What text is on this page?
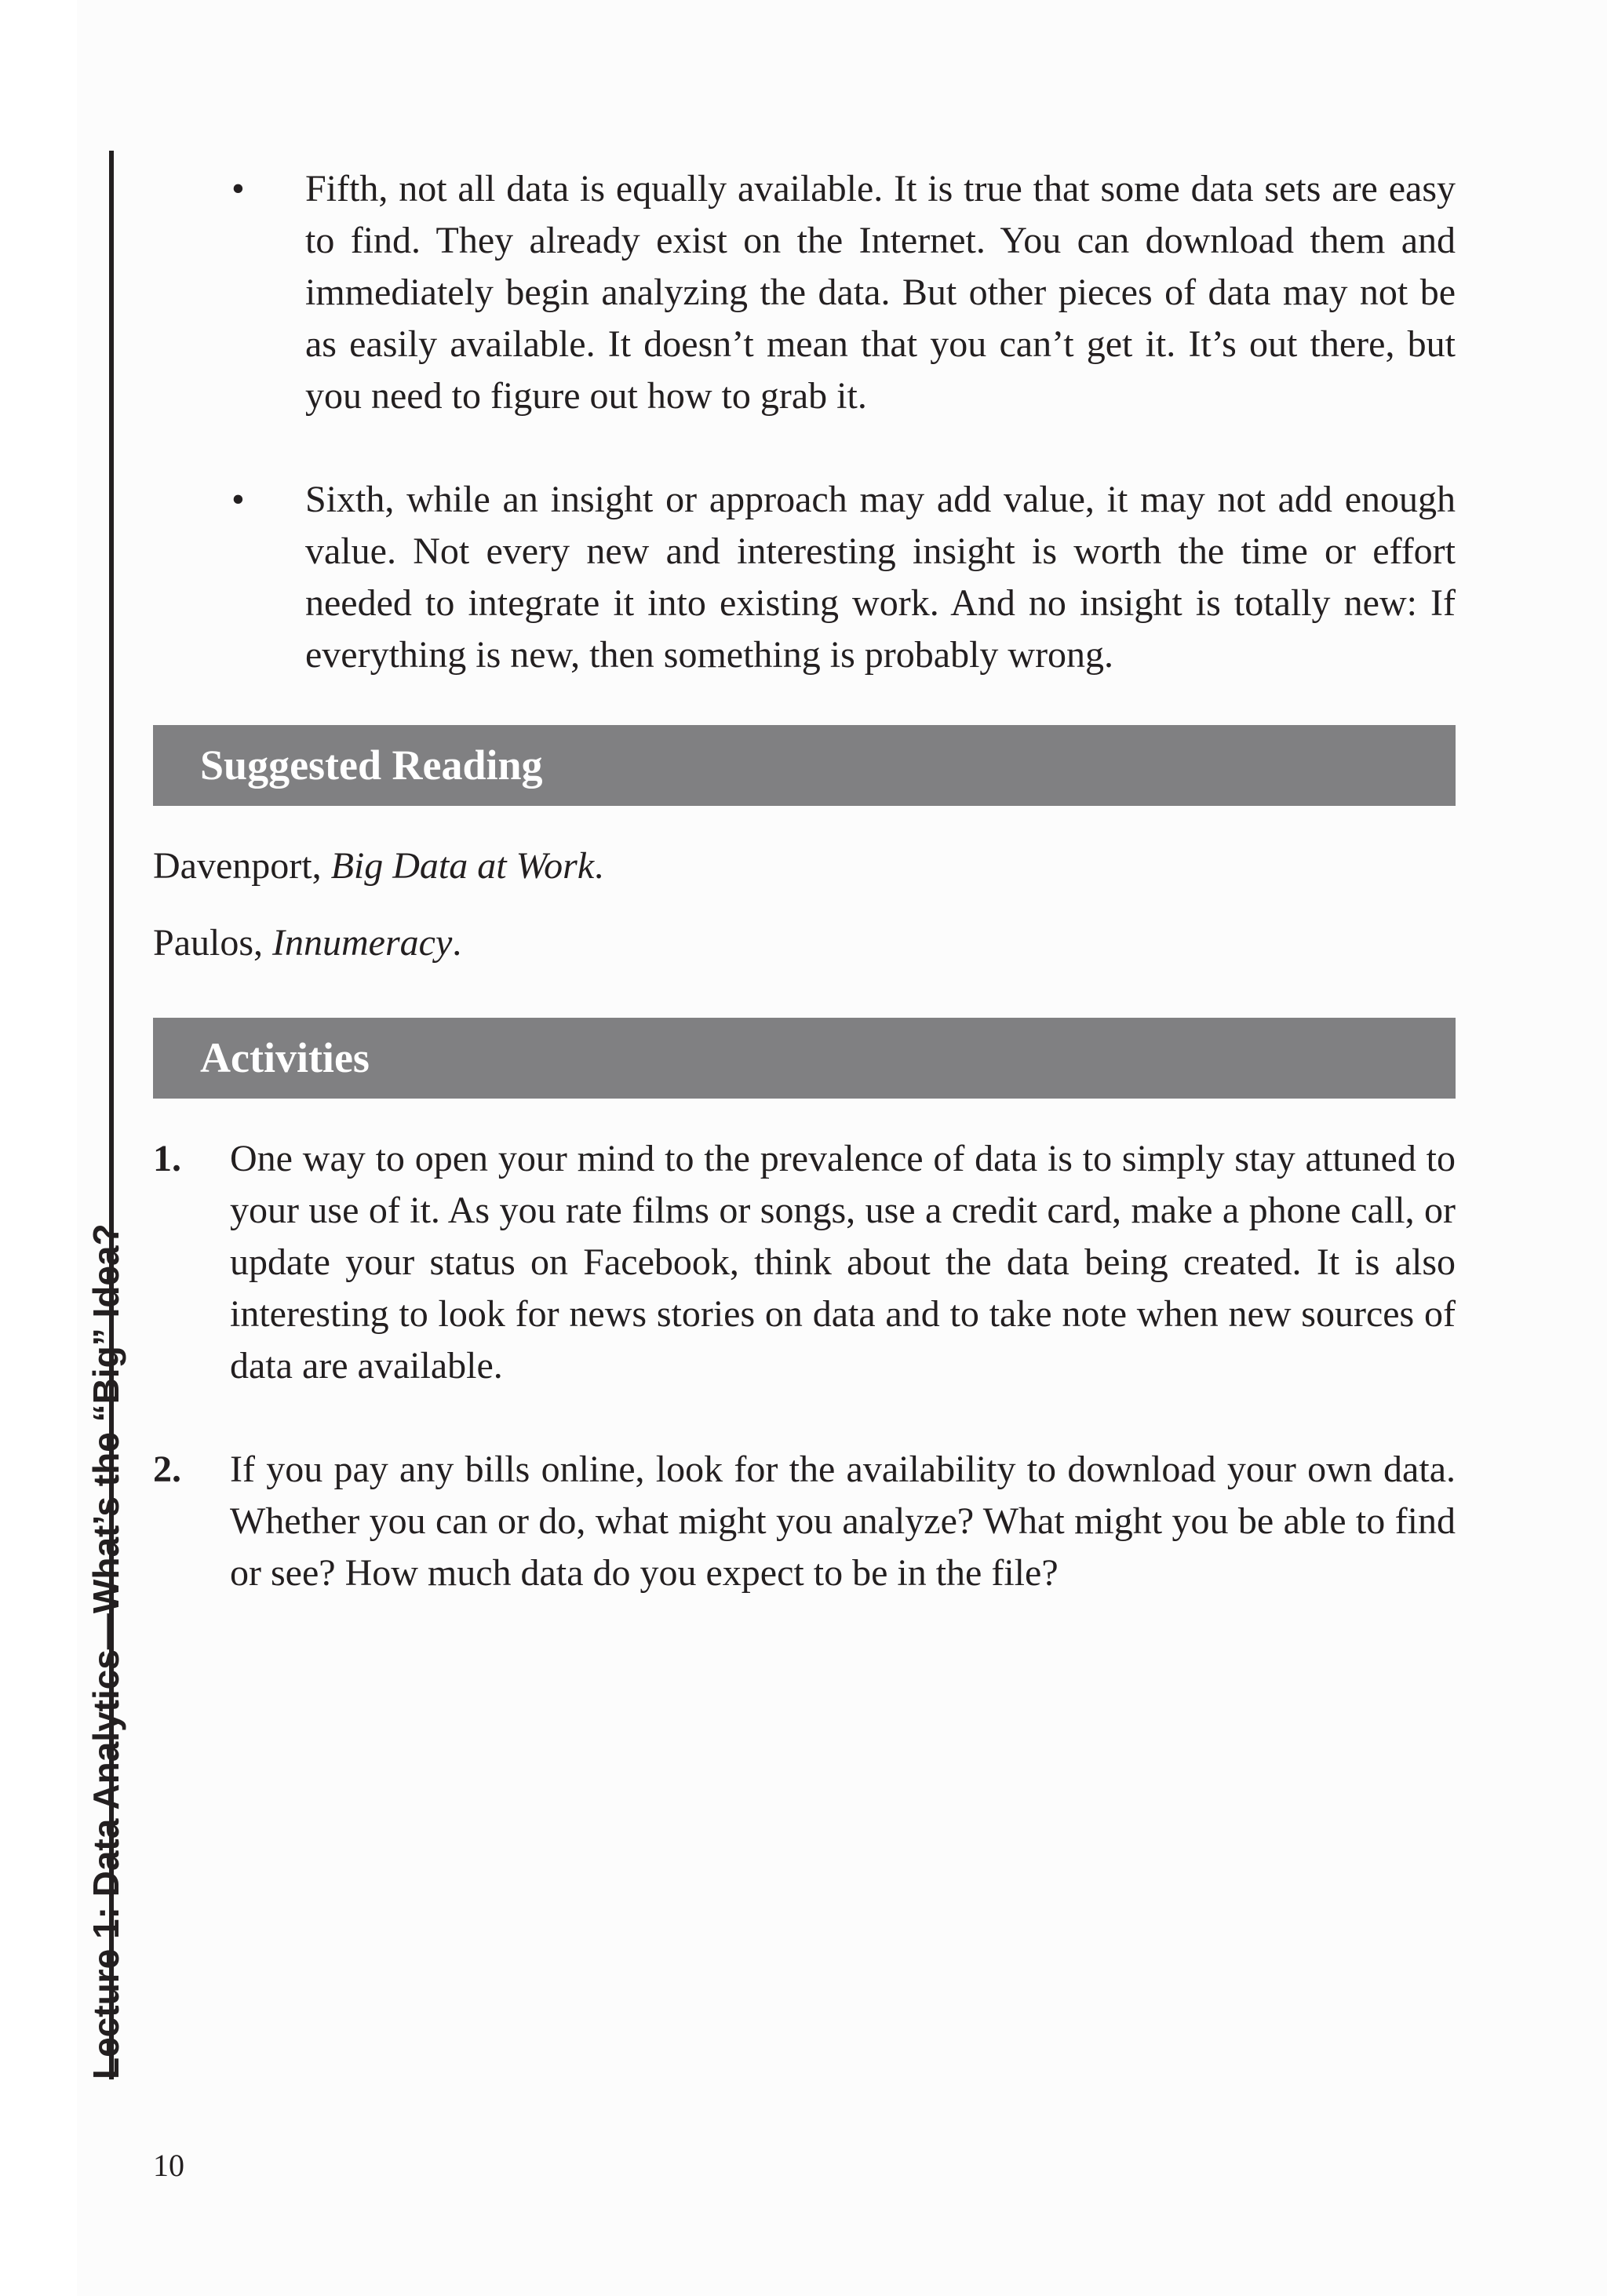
Lecture 1: Data Analytics—What’s the “Big” Idea?
• Fifth, not all data is equally available. It is true that some data sets are easy to find. They already exist on the Internet. You can download them and immediately begin analyzing the data. But other pieces of data may not be as easily available. It doesn’t mean that you can’t get it. It’s out there, but you need to figure out how to grab it.
• Sixth, while an insight or approach may add value, it may not add enough value. Not every new and interesting insight is worth the time or effort needed to integrate it into existing work. And no insight is totally new: If everything is new, then something is probably wrong.
Suggested Reading
Davenport, Big Data at Work.
Paulos, Innumeracy.
Activities
1. One way to open your mind to the prevalence of data is to simply stay attuned to your use of it. As you rate films or songs, use a credit card, make a phone call, or update your status on Facebook, think about the data being created. It is also interesting to look for news stories on data and to take note when new sources of data are available.
2. If you pay any bills online, look for the availability to download your own data. Whether you can or do, what might you analyze? What might you be able to find or see? How much data do you expect to be in the file?
10
